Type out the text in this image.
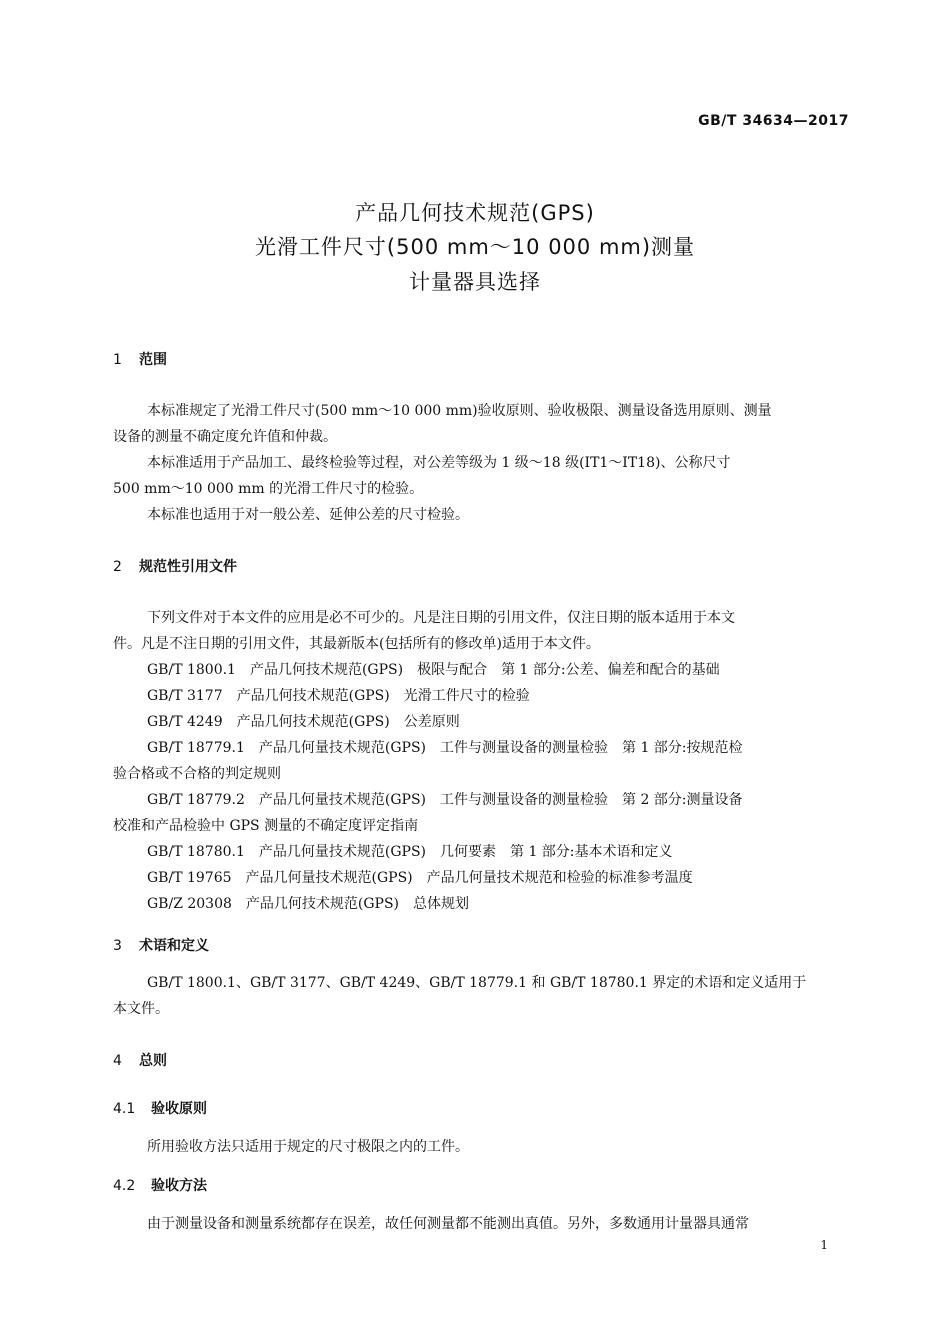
GB/T 34634—2017
产品几何技术规范(GPS)
光滑工件尺寸(500 mm～10 000 mm)测量
计量器具选择
1 范围
本标准规定了光滑工件尺寸(500 mm～10 000 mm)验收原则、验收极限、测量设备选用原则、测量
设备的测量不确定度允许值和仲裁。
本标准适用于产品加工、最终检验等过程，对公差等级为 1 级～18 级(IT1～IT18)、公称尺寸
500 mm～10 000 mm 的光滑工件尺寸的检验。
本标准也适用于对一般公差、延伸公差的尺寸检验。
2 规范性引用文件
下列文件对于本文件的应用是必不可少的。凡是注日期的引用文件，仅注日期的版本适用于本文
件。凡是不注日期的引用文件，其最新版本(包括所有的修改单)适用于本文件。
GB/T 1800.1 产品几何技术规范(GPS)　极限与配合　第 1 部分:公差、偏差和配合的基础
GB/T 3177 产品几何技术规范(GPS)　光滑工件尺寸的检验
GB/T 4249 产品几何技术规范(GPS)　公差原则
GB/T 18779.1 产品几何量技术规范(GPS)　工件与测量设备的测量检验　第 1 部分:按规范检
验合格或不合格的判定规则
GB/T 18779.2 产品几何量技术规范(GPS)　工件与测量设备的测量检验　第 2 部分:测量设备
校准和产品检验中 GPS 测量的不确定度评定指南
GB/T 18780.1 产品几何量技术规范(GPS)　几何要素　第 1 部分:基本术语和定义
GB/T 19765 产品几何量技术规范(GPS)　产品几何量技术规范和检验的标准参考温度
GB/Z 20308 产品几何技术规范(GPS)　总体规划
3 术语和定义
GB/T 1800.1、GB/T 3177、GB/T 4249、GB/T 18779.1 和 GB/T 18780.1 界定的术语和定义适用于
本文件。
4 总则
4.1 验收原则
所用验收方法只适用于规定的尺寸极限之内的工件。
4.2 验收方法
由于测量设备和测量系统都存在误差，故任何测量都不能测出真值。另外，多数通用计量器具通常
1
